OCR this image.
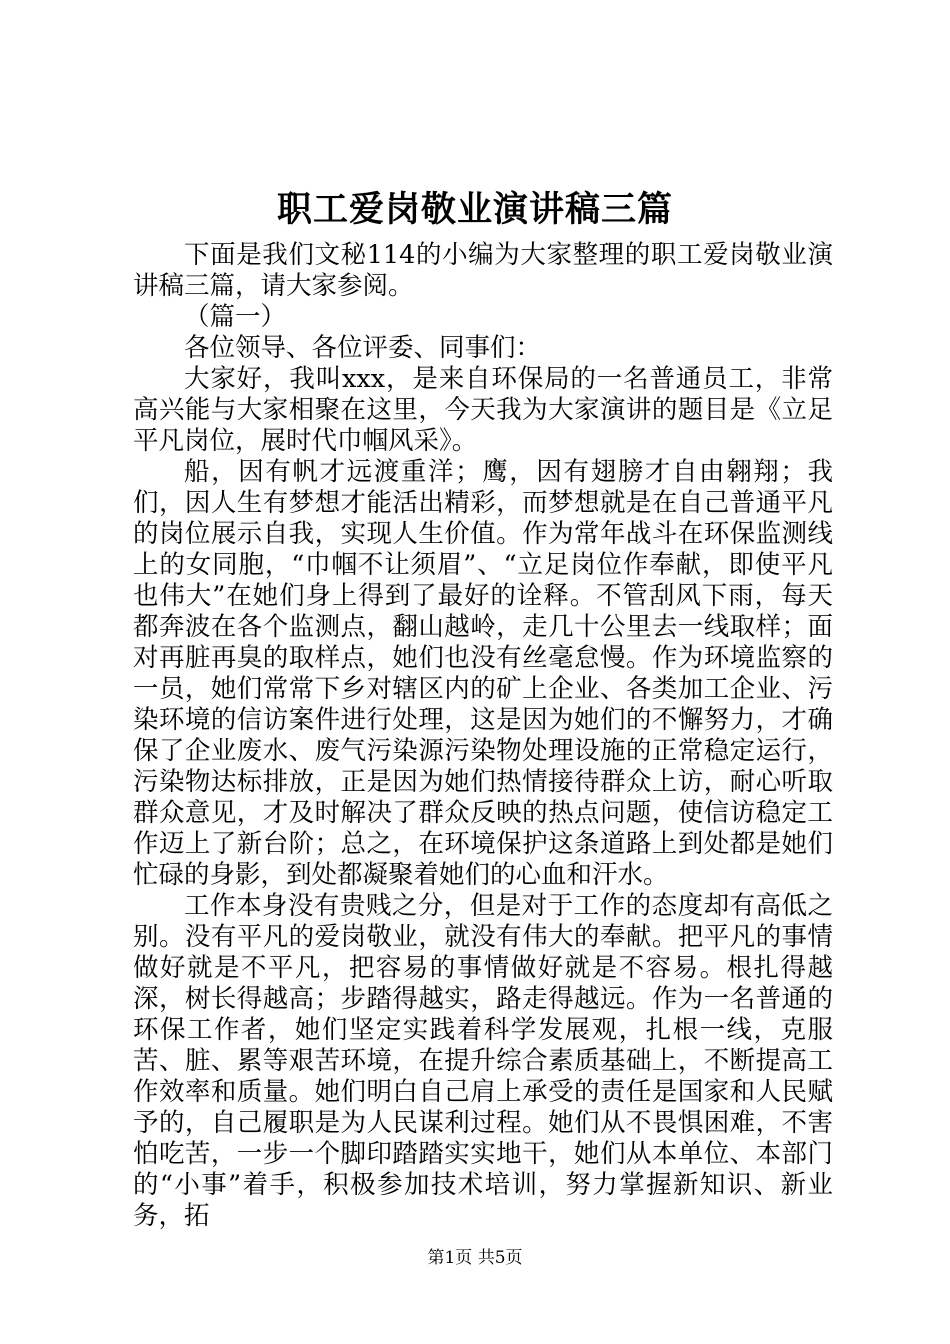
职工爱岗敬业演讲稿三篇

下面是我们文秘114的小编为大家整理的职工爱岗敬业演讲稿三篇，请大家参阅。

（篇一）

各位领导、各位评委、同事们：

大家好，我叫xxx，是来自环保局的一名普通员工，非常高兴能与大家相聚在这里，今天我为大家演讲的题目是《立足平凡岗位，展时代巾帼风采》。

船，因有帆才远渡重洋；鹰，因有翅膀才自由翱翔；我们，因人生有梦想才能活出精彩，而梦想就是在自己普通平凡的岗位展示自我，实现人生价值。作为常年战斗在环保监测线上的女同胞，“巾帼不让须眉”、“立足岗位作奉献，即使平凡也伟大”在她们身上得到了最好的诠释。不管刮风下雨，每天都奔波在各个监测点，翻山越岭，走几十公里去一线取样；面对再脏再臭的取样点，她们也没有丝毫怠慢。作为环境监察的一员，她们常常下乡对辖区内的矿上企业、各类加工企业、污染环境的信访案件进行处理，这是因为她们的不懈努力，才确保了企业废水、废气污染源污染物处理设施的正常稳定运行，污染物达标排放，正是因为她们热情接待群众上访，耐心听取群众意见，才及时解决了群众反映的热点问题，使信访稳定工作迈上了新台阶；总之，在环境保护这条道路上到处都是她们忙碌的身影，到处都凝聚着她们的心血和汗水。

工作本身没有贵贱之分，但是对于工作的态度却有高低之别。没有平凡的爱岗敬业，就没有伟大的奉献。把平凡的事情做好就是不平凡，把容易的事情做好就是不容易。根扎得越深，树长得越高；步踏得越实，路走得越远。作为一名普通的环保工作者，她们坚定实践着科学发展观，扎根一线，克服苦、脏、累等艰苦环境，在提升综合素质基础上，不断提高工作效率和质量。她们明白自己肩上承受的责任是国家和人民赋予的，自己履职是为人民谋利过程。她们从不畏惧困难，不害怕吃苦，一步一个脚印踏踏实实地干，她们从本单位、本部门的“小事”着手，积极参加技术培训，努力掌握新知识、新业务，拓

第1页 共5页
